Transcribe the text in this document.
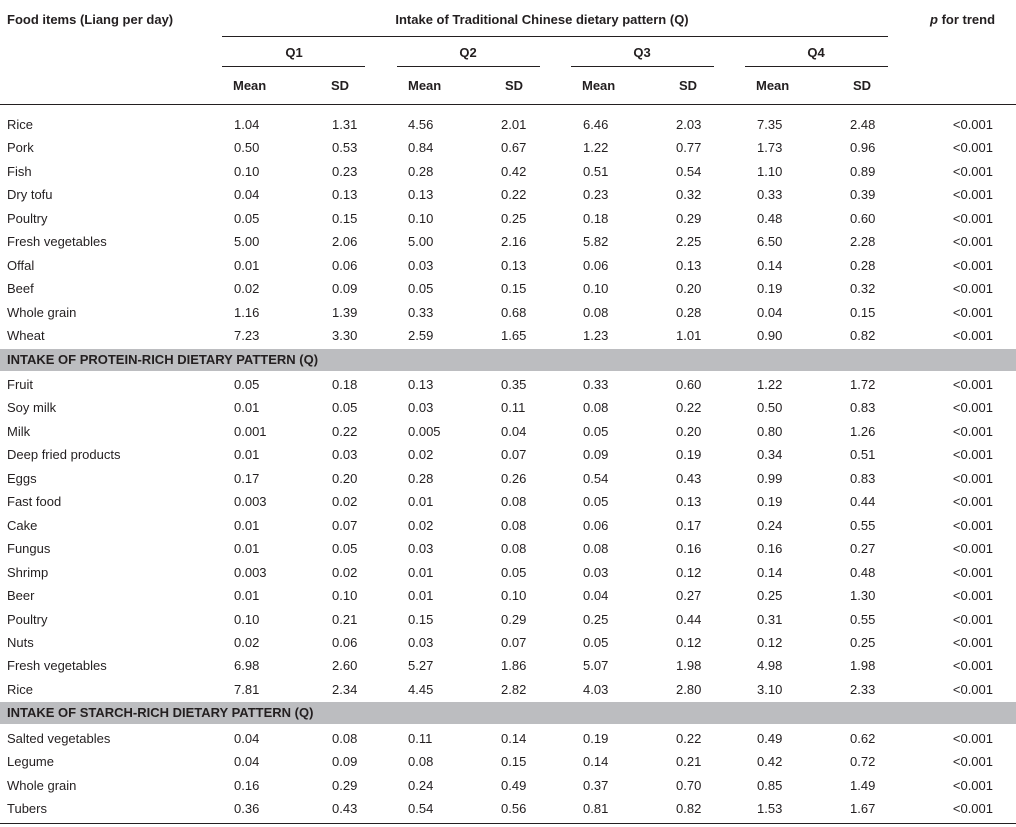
Food items (Liang per day)	Intake of Traditional Chinese dietary pattern (Q)	p for trend
Q1	Q2	Q3	Q4
Mean	SD	Mean	SD	Mean	SD	Mean	SD
Rice	1.04	1.31	4.56	2.01	6.46	2.03	7.35	2.48	<0.001
Pork	0.50	0.53	0.84	0.67	1.22	0.77	1.73	0.96	<0.001
Fish	0.10	0.23	0.28	0.42	0.51	0.54	1.10	0.89	<0.001
Dry tofu	0.04	0.13	0.13	0.22	0.23	0.32	0.33	0.39	<0.001
Poultry	0.05	0.15	0.10	0.25	0.18	0.29	0.48	0.60	<0.001
Fresh vegetables	5.00	2.06	5.00	2.16	5.82	2.25	6.50	2.28	<0.001
Offal	0.01	0.06	0.03	0.13	0.06	0.13	0.14	0.28	<0.001
Beef	0.02	0.09	0.05	0.15	0.10	0.20	0.19	0.32	<0.001
Whole grain	1.16	1.39	0.33	0.68	0.08	0.28	0.04	0.15	<0.001
Wheat	7.23	3.30	2.59	1.65	1.23	1.01	0.90	0.82	<0.001
INTAKE OF PROTEIN-RICH DIETARY PATTERN (Q)
Fruit	0.05	0.18	0.13	0.35	0.33	0.60	1.22	1.72	<0.001
Soy milk	0.01	0.05	0.03	0.11	0.08	0.22	0.50	0.83	<0.001
Milk	0.001	0.22	0.005	0.04	0.05	0.20	0.80	1.26	<0.001
Deep fried products	0.01	0.03	0.02	0.07	0.09	0.19	0.34	0.51	<0.001
Eggs	0.17	0.20	0.28	0.26	0.54	0.43	0.99	0.83	<0.001
Fast food	0.003	0.02	0.01	0.08	0.05	0.13	0.19	0.44	<0.001
Cake	0.01	0.07	0.02	0.08	0.06	0.17	0.24	0.55	<0.001
Fungus	0.01	0.05	0.03	0.08	0.08	0.16	0.16	0.27	<0.001
Shrimp	0.003	0.02	0.01	0.05	0.03	0.12	0.14	0.48	<0.001
Beer	0.01	0.10	0.01	0.10	0.04	0.27	0.25	1.30	<0.001
Poultry	0.10	0.21	0.15	0.29	0.25	0.44	0.31	0.55	<0.001
Nuts	0.02	0.06	0.03	0.07	0.05	0.12	0.12	0.25	<0.001
Fresh vegetables	6.98	2.60	5.27	1.86	5.07	1.98	4.98	1.98	<0.001
Rice	7.81	2.34	4.45	2.82	4.03	2.80	3.10	2.33	<0.001
INTAKE OF STARCH-RICH DIETARY PATTERN (Q)
Salted vegetables	0.04	0.08	0.11	0.14	0.19	0.22	0.49	0.62	<0.001
Legume	0.04	0.09	0.08	0.15	0.14	0.21	0.42	0.72	<0.001
Whole grain	0.16	0.29	0.24	0.49	0.37	0.70	0.85	1.49	<0.001
Tubers	0.36	0.43	0.54	0.56	0.81	0.82	1.53	1.67	<0.001
